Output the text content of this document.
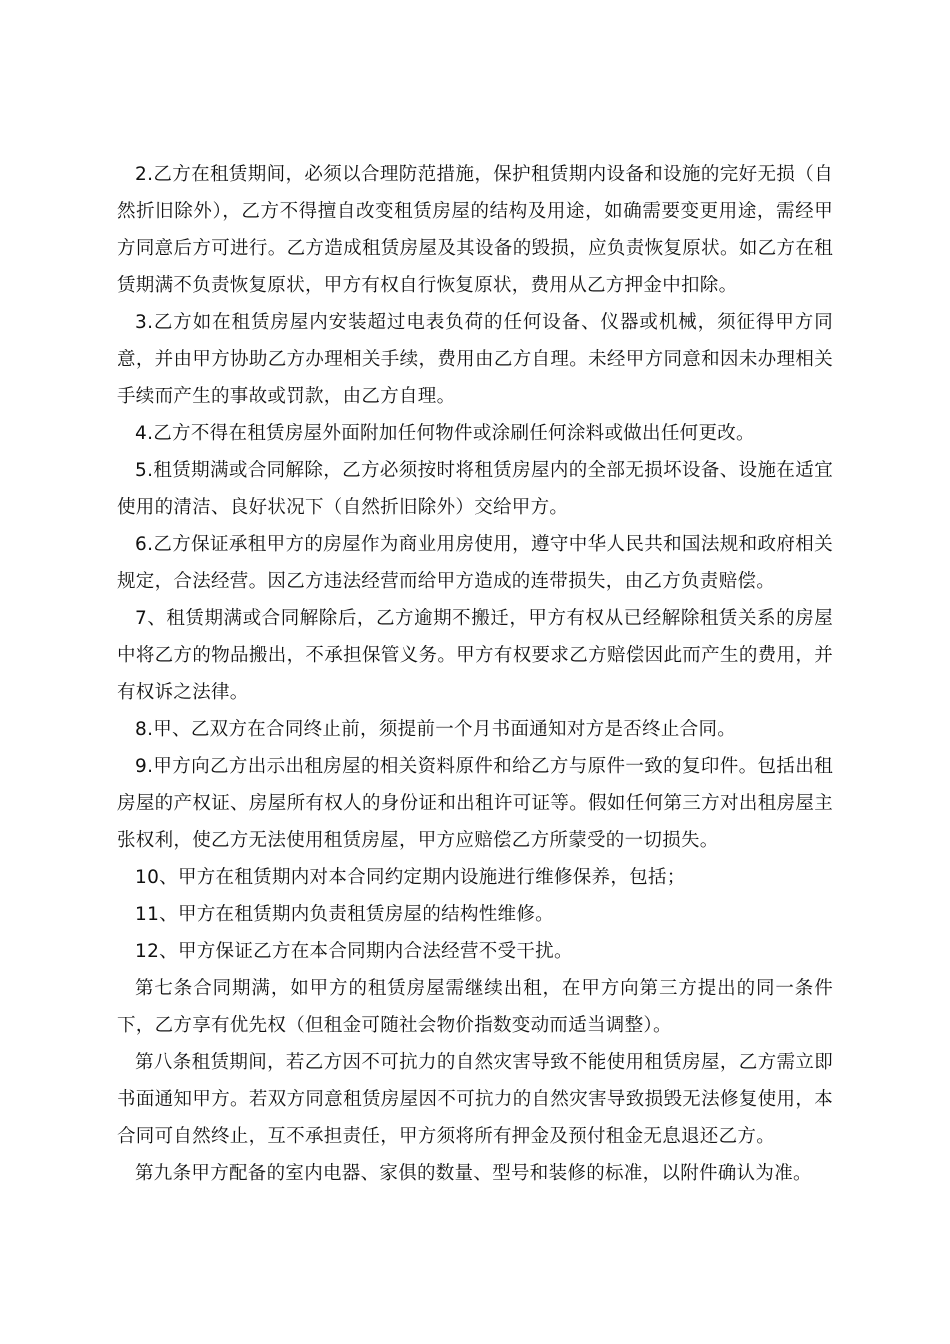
2.乙方在租赁期间，必须以合理防范措施，保护租赁期内设备和设施的完好无损（自然折旧除外），乙方不得擅自改变租赁房屋的结构及用途，如确需要变更用途，需经甲方同意后方可进行。乙方造成租赁房屋及其设备的毁损，应负责恢复原状。如乙方在租赁期满不负责恢复原状，甲方有权自行恢复原状，费用从乙方押金中扣除。

3.乙方如在租赁房屋内安装超过电表负荷的任何设备、仪器或机械，须征得甲方同意，并由甲方协助乙方办理相关手续，费用由乙方自理。未经甲方同意和因未办理相关手续而产生的事故或罚款，由乙方自理。

4.乙方不得在租赁房屋外面附加任何物件或涂刷任何涂料或做出任何更改。

5.租赁期满或合同解除，乙方必须按时将租赁房屋内的全部无损坏设备、设施在适宜使用的清洁、良好状况下（自然折旧除外）交给甲方。

6.乙方保证承租甲方的房屋作为商业用房使用，遵守中华人民共和国法规和政府相关规定，合法经营。因乙方违法经营而给甲方造成的连带损失，由乙方负责赔偿。

7、租赁期满或合同解除后，乙方逾期不搬迁，甲方有权从已经解除租赁关系的房屋中将乙方的物品搬出，不承担保管义务。甲方有权要求乙方赔偿因此而产生的费用，并有权诉之法律。

8.甲、乙双方在合同终止前，须提前一个月书面通知对方是否终止合同。

9.甲方向乙方出示出租房屋的相关资料原件和给乙方与原件一致的复印件。包括出租房屋的产权证、房屋所有权人的身份证和出租许可证等。假如任何第三方对出租房屋主张权利，使乙方无法使用租赁房屋，甲方应赔偿乙方所蒙受的一切损失。

10、甲方在租赁期内对本合同约定期内设施进行维修保养，包括；

11、甲方在租赁期内负责租赁房屋的结构性维修。

12、甲方保证乙方在本合同期内合法经营不受干扰。

第七条合同期满，如甲方的租赁房屋需继续出租，在甲方向第三方提出的同一条件下，乙方享有优先权（但租金可随社会物价指数变动而适当调整）。

第八条租赁期间，若乙方因不可抗力的自然灾害导致不能使用租赁房屋，乙方需立即书面通知甲方。若双方同意租赁房屋因不可抗力的自然灾害导致损毁无法修复使用，本合同可自然终止，互不承担责任，甲方须将所有押金及预付租金无息退还乙方。

第九条甲方配备的室内电器、家俱的数量、型号和装修的标准，以附件确认为准。
